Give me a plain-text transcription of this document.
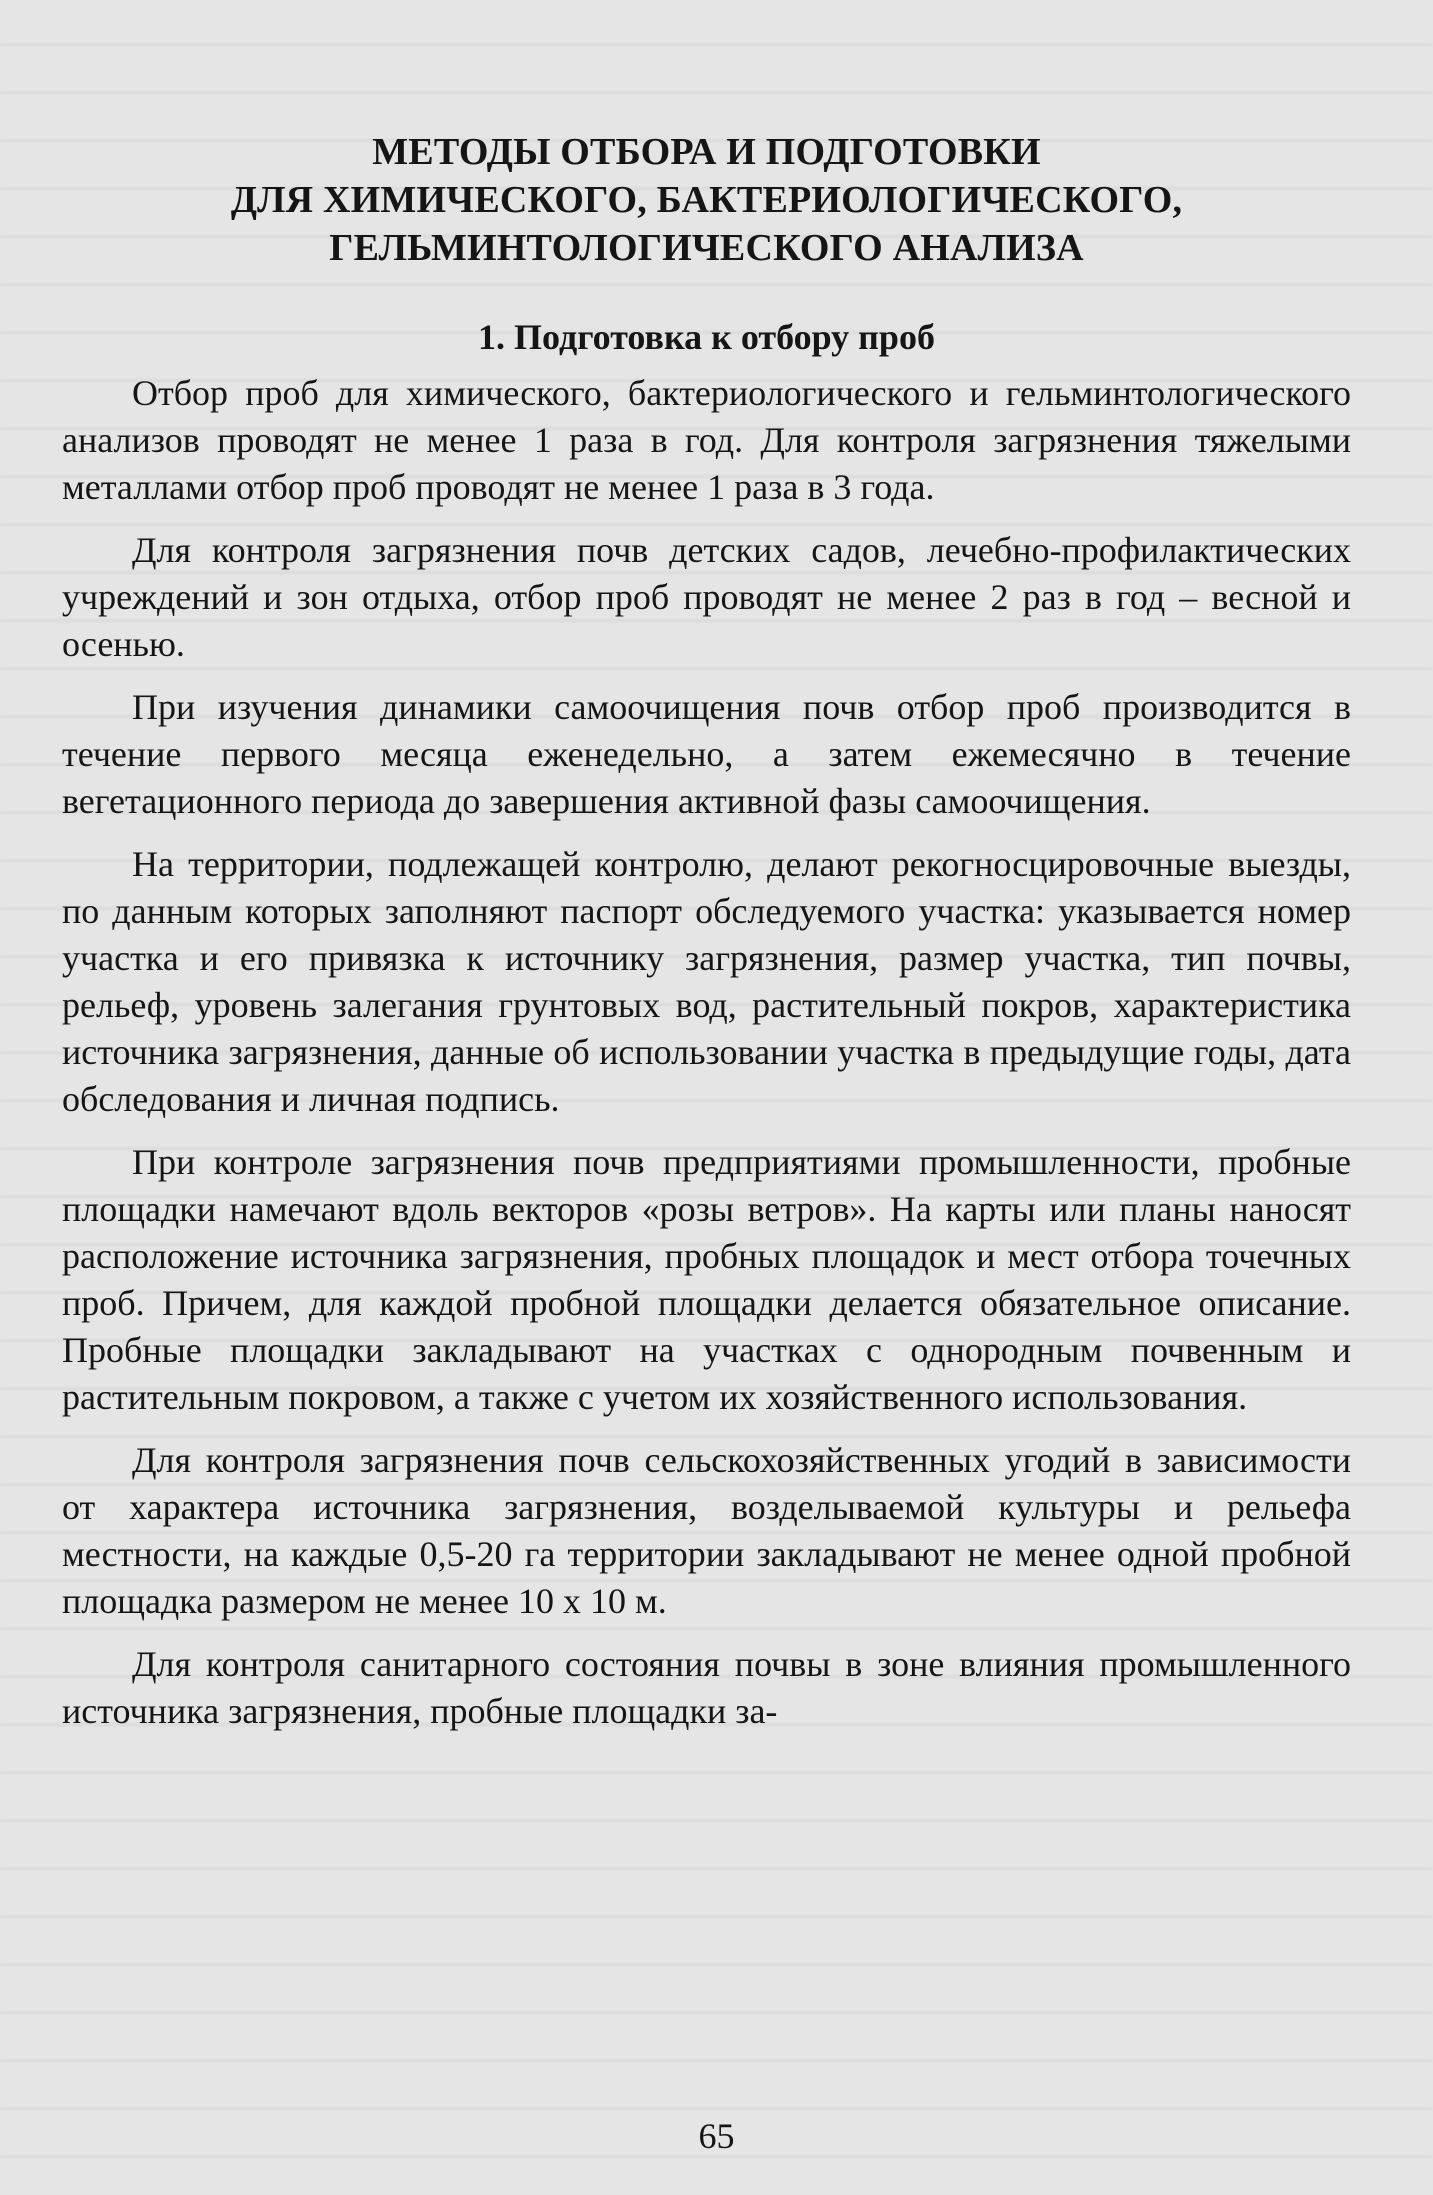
МЕТОДЫ ОТБОРА И ПОДГОТОВКИ
ДЛЯ ХИМИЧЕСКОГО, БАКТЕРИОЛОГИЧЕСКОГО,
ГЕЛЬМИНТОЛОГИЧЕСКОГО АНАЛИЗА
1. Подготовка к отбору проб

Отбор проб для химического, бактериологического и гельминтологического анализов проводят не менее 1 раза в год. Для контроля загрязнения тяжелыми металлами отбор проб проводят не менее 1 раза в 3 года.

Для контроля загрязнения почв детских садов, лечебно-профилактических учреждений и зон отдыха, отбор проб проводят не менее 2 раз в год – весной и осенью.

При изучения динамики самоочищения почв отбор проб производится в течение первого месяца еженедельно, а затем ежемесячно в течение вегетационного периода до завершения активной фазы самоочищения.

На территории, подлежащей контролю, делают рекогносцировочные выезды, по данным которых заполняют паспорт обследуемого участка: указывается номер участка и его привязка к источнику загрязнения, размер участка, тип почвы, рельеф, уровень залегания грунтовых вод, растительный покров, характеристика источника загрязнения, данные об использовании участка в предыдущие годы, дата обследования и личная подпись.

При контроле загрязнения почв предприятиями промышленности, пробные площадки намечают вдоль векторов «розы ветров». На карты или планы наносят расположение источника загрязнения, пробных площадок и мест отбора точечных проб. Причем, для каждой пробной площадки делается обязательное описание. Пробные площадки закладывают на участках с однородным почвенным и растительным покровом, а также с учетом их хозяйственного использования.

Для контроля загрязнения почв сельскохозяйственных угодий в зависимости от характера источника загрязнения, возделываемой культуры и рельефа местности, на каждые 0,5-20 га территории закладывают не менее одной пробной площадка размером не менее 10 х 10 м.

Для контроля санитарного состояния почвы в зоне влияния промышленного источника загрязнения, пробные площадки за-

65
